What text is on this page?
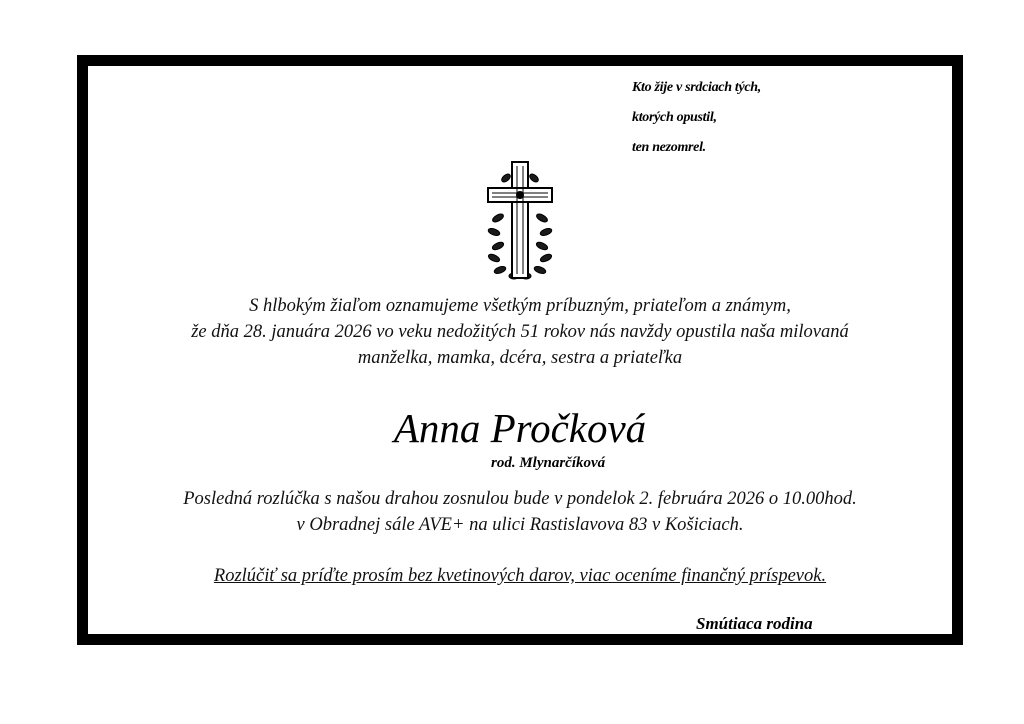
Kto žije v srdciach tých,
ktorých opustil,
ten nezomrel.
S hlbokým žiaľom oznamujeme všetkým príbuzným, priateľom a známym,
že dňa 28. januára 2026 vo veku nedožitých 51 rokov nás navždy opustila naša milovaná
manželka, mamka, dcéra, sestra a priateľka
Anna Pročková
rod. Mlynarčíková
Posledná rozlúčka s našou drahou zosnulou bude v pondelok 2. februára 2026 o 10.00hod.
v Obradnej sále AVE+ na ulici Rastislavova 83 v Košiciach.
Rozlúčiť sa príďte prosím bez kvetinových darov, viac oceníme finančný príspevok.
Smútiaca rodina
